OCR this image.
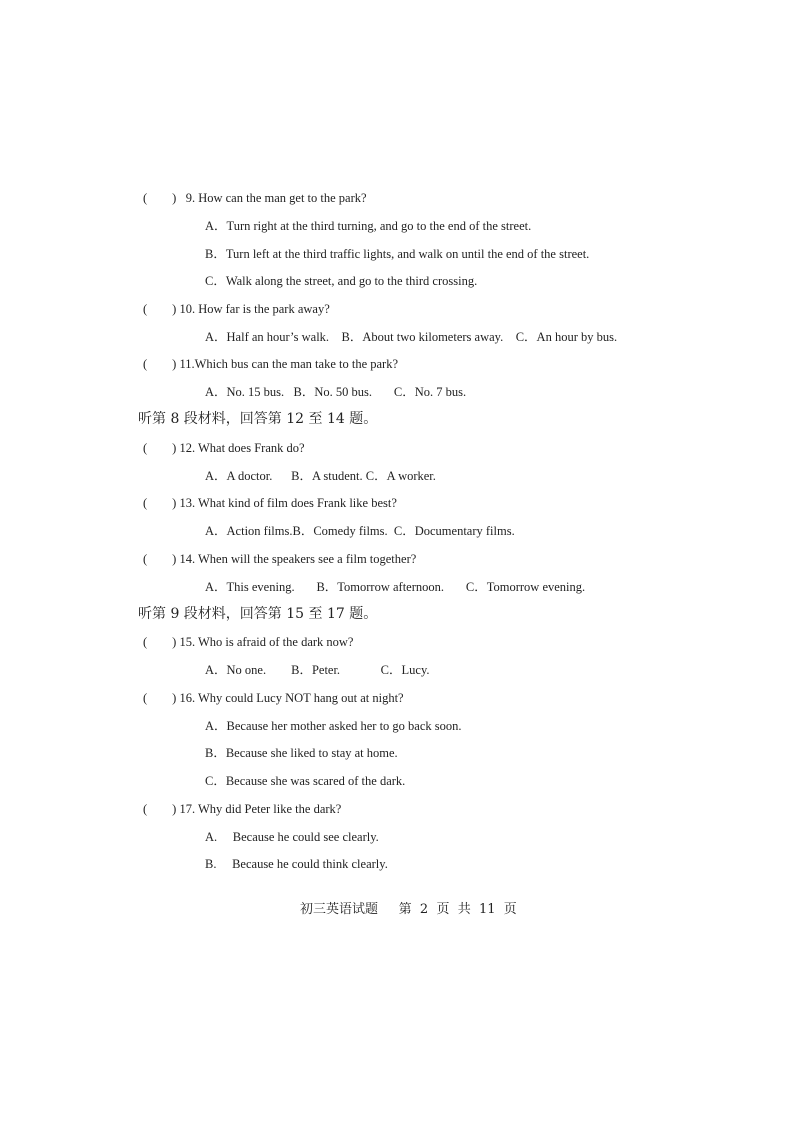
(        )   9. How can the man get to the park?
A．Turn right at the third turning, and go to the end of the street.
B．Turn left at the third traffic lights, and walk on until the end of the street.
C．Walk along the street, and go to the third crossing.
(        ) 10. How far is the park away?
A．Half an hour’s walk.    B．About two kilometers away.    C．An hour by bus.
(        ) 11.Which bus can the man take to the park?
A．No. 15 bus.   B．No. 50 bus.       C．No. 7 bus.
听第 8 段材料，回答第 12 至 14 题。
(        ) 12. What does Frank do?
A．A doctor.      B．A student. C．A worker.
(        ) 13. What kind of film does Frank like best?
A．Action films.B．Comedy films.  C．Documentary films.
(        ) 14. When will the speakers see a film together?
A．This evening.       B．Tomorrow afternoon.       C．Tomorrow evening.
听第 9 段材料，回答第 15 至 17 题。
(        ) 15. Who is afraid of the dark now?
A．No one.        B．Peter.             C．Lucy.
(        ) 16. Why could Lucy NOT hang out at night?
A．Because her mother asked her to go back soon.
B．Because she liked to stay at home.
C．Because she was scared of the dark.
(        ) 17. Why did Peter like the dark?
A.     Because he could see clearly.
B.     Because he could think clearly.
初三英语试题     第  2  页  共  11  页
